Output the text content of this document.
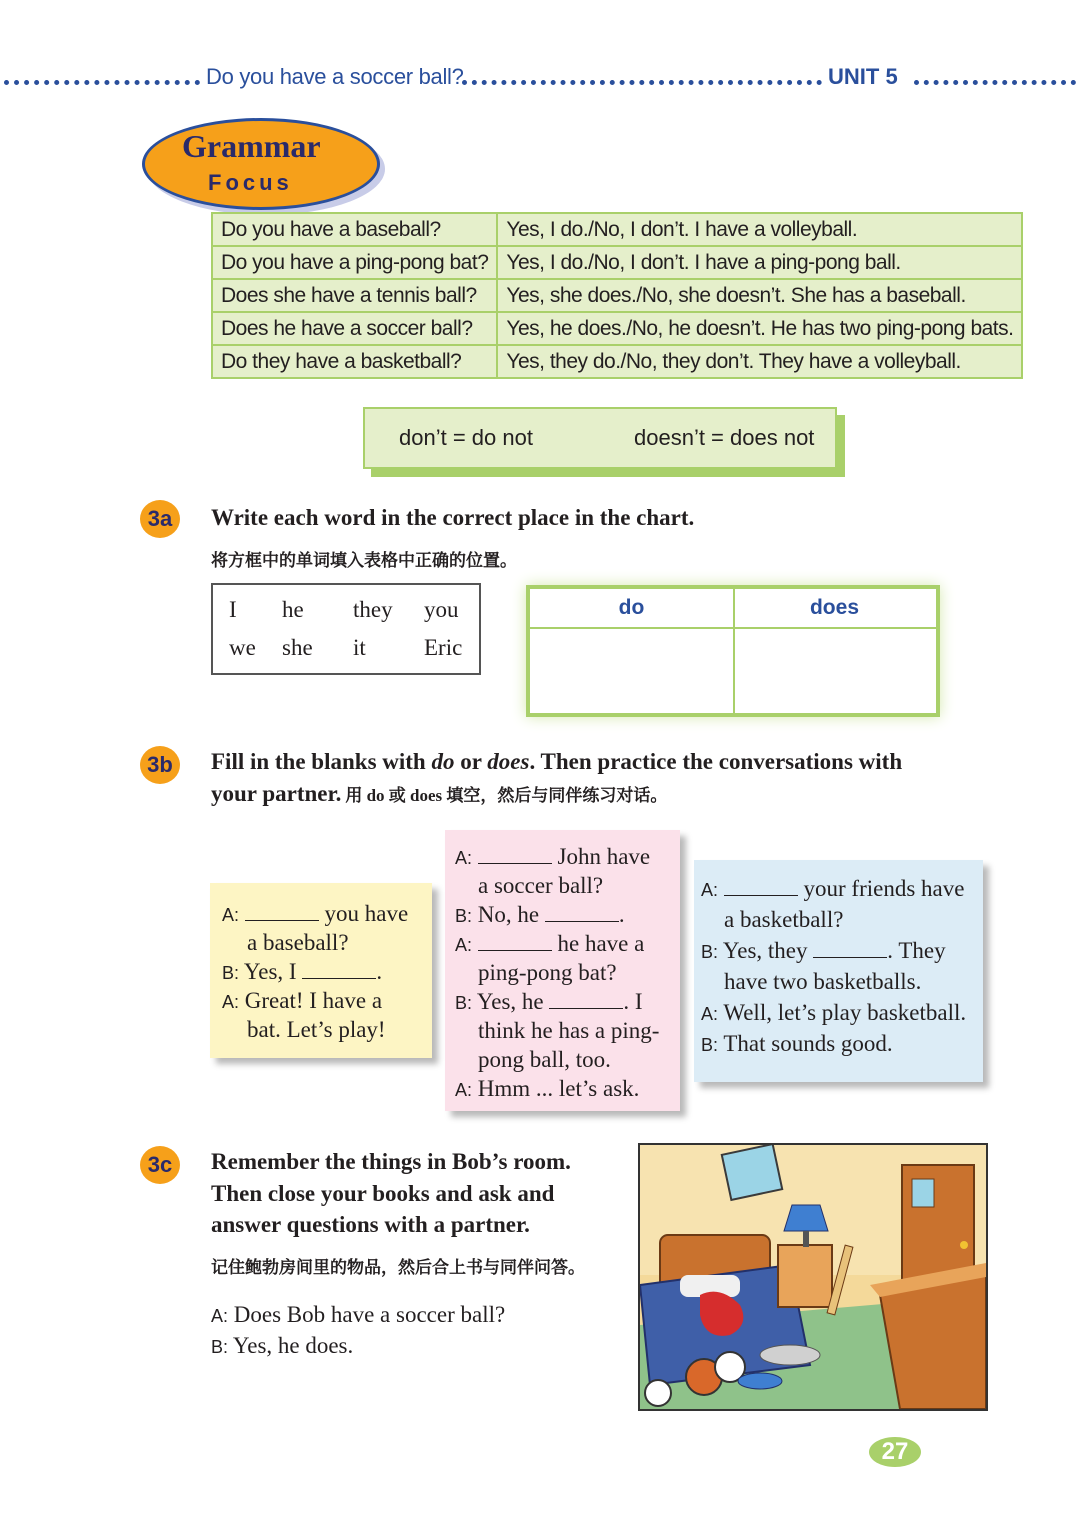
Do you have a soccer ball?	UNIT 5
Grammar
Focus
Do you have a baseball?	Yes, I do./No, I don’t. I have a volleyball.
Do you have a ping-pong bat?	Yes, I do./No, I don’t. I have a ping-pong ball.
Does she have a tennis ball?	Yes, she does./No, she doesn’t. She has a baseball.
Does he have a soccer ball?	Yes, he does./No, he doesn’t. He has two ping-pong bats.
Do they have a basketball?	Yes, they do./No, they don’t. They have a volleyball.
don’t = do not	doesn’t = does not
3a	Write each word in the correct place in the chart.
将方框中的单词填入表格中正确的位置。
I he they you
we she it	Eric
do	does
3b	Fill in the blanks with do or does. Then practice the conversations with
your partner. 用 do 或 does 填空，然后与同伴练习对话。
A:	you have
a baseball?
B: Yes, I	.
A: Great! I have a
bat. Let’s play!
A:	John have
a soccer ball?
B: No, he	.
A:	he have a
ping-pong bat?
B: Yes, he	. I
think he has a ping-
pong ball, too.
A: Hmm ... let’s ask.
A:	your friends have
a basketball?
B: Yes, they	. They
have two basketballs.
A: Well, let’s play basketball.
B: That sounds good.
3c	Remember the things in Bob’s room.
Then close your books and ask and
answer questions with a partner.
记住鲍勃房间里的物品，然后合上书与同伴问答。
A: Does Bob have a soccer ball?
B: Yes, he does.
27
